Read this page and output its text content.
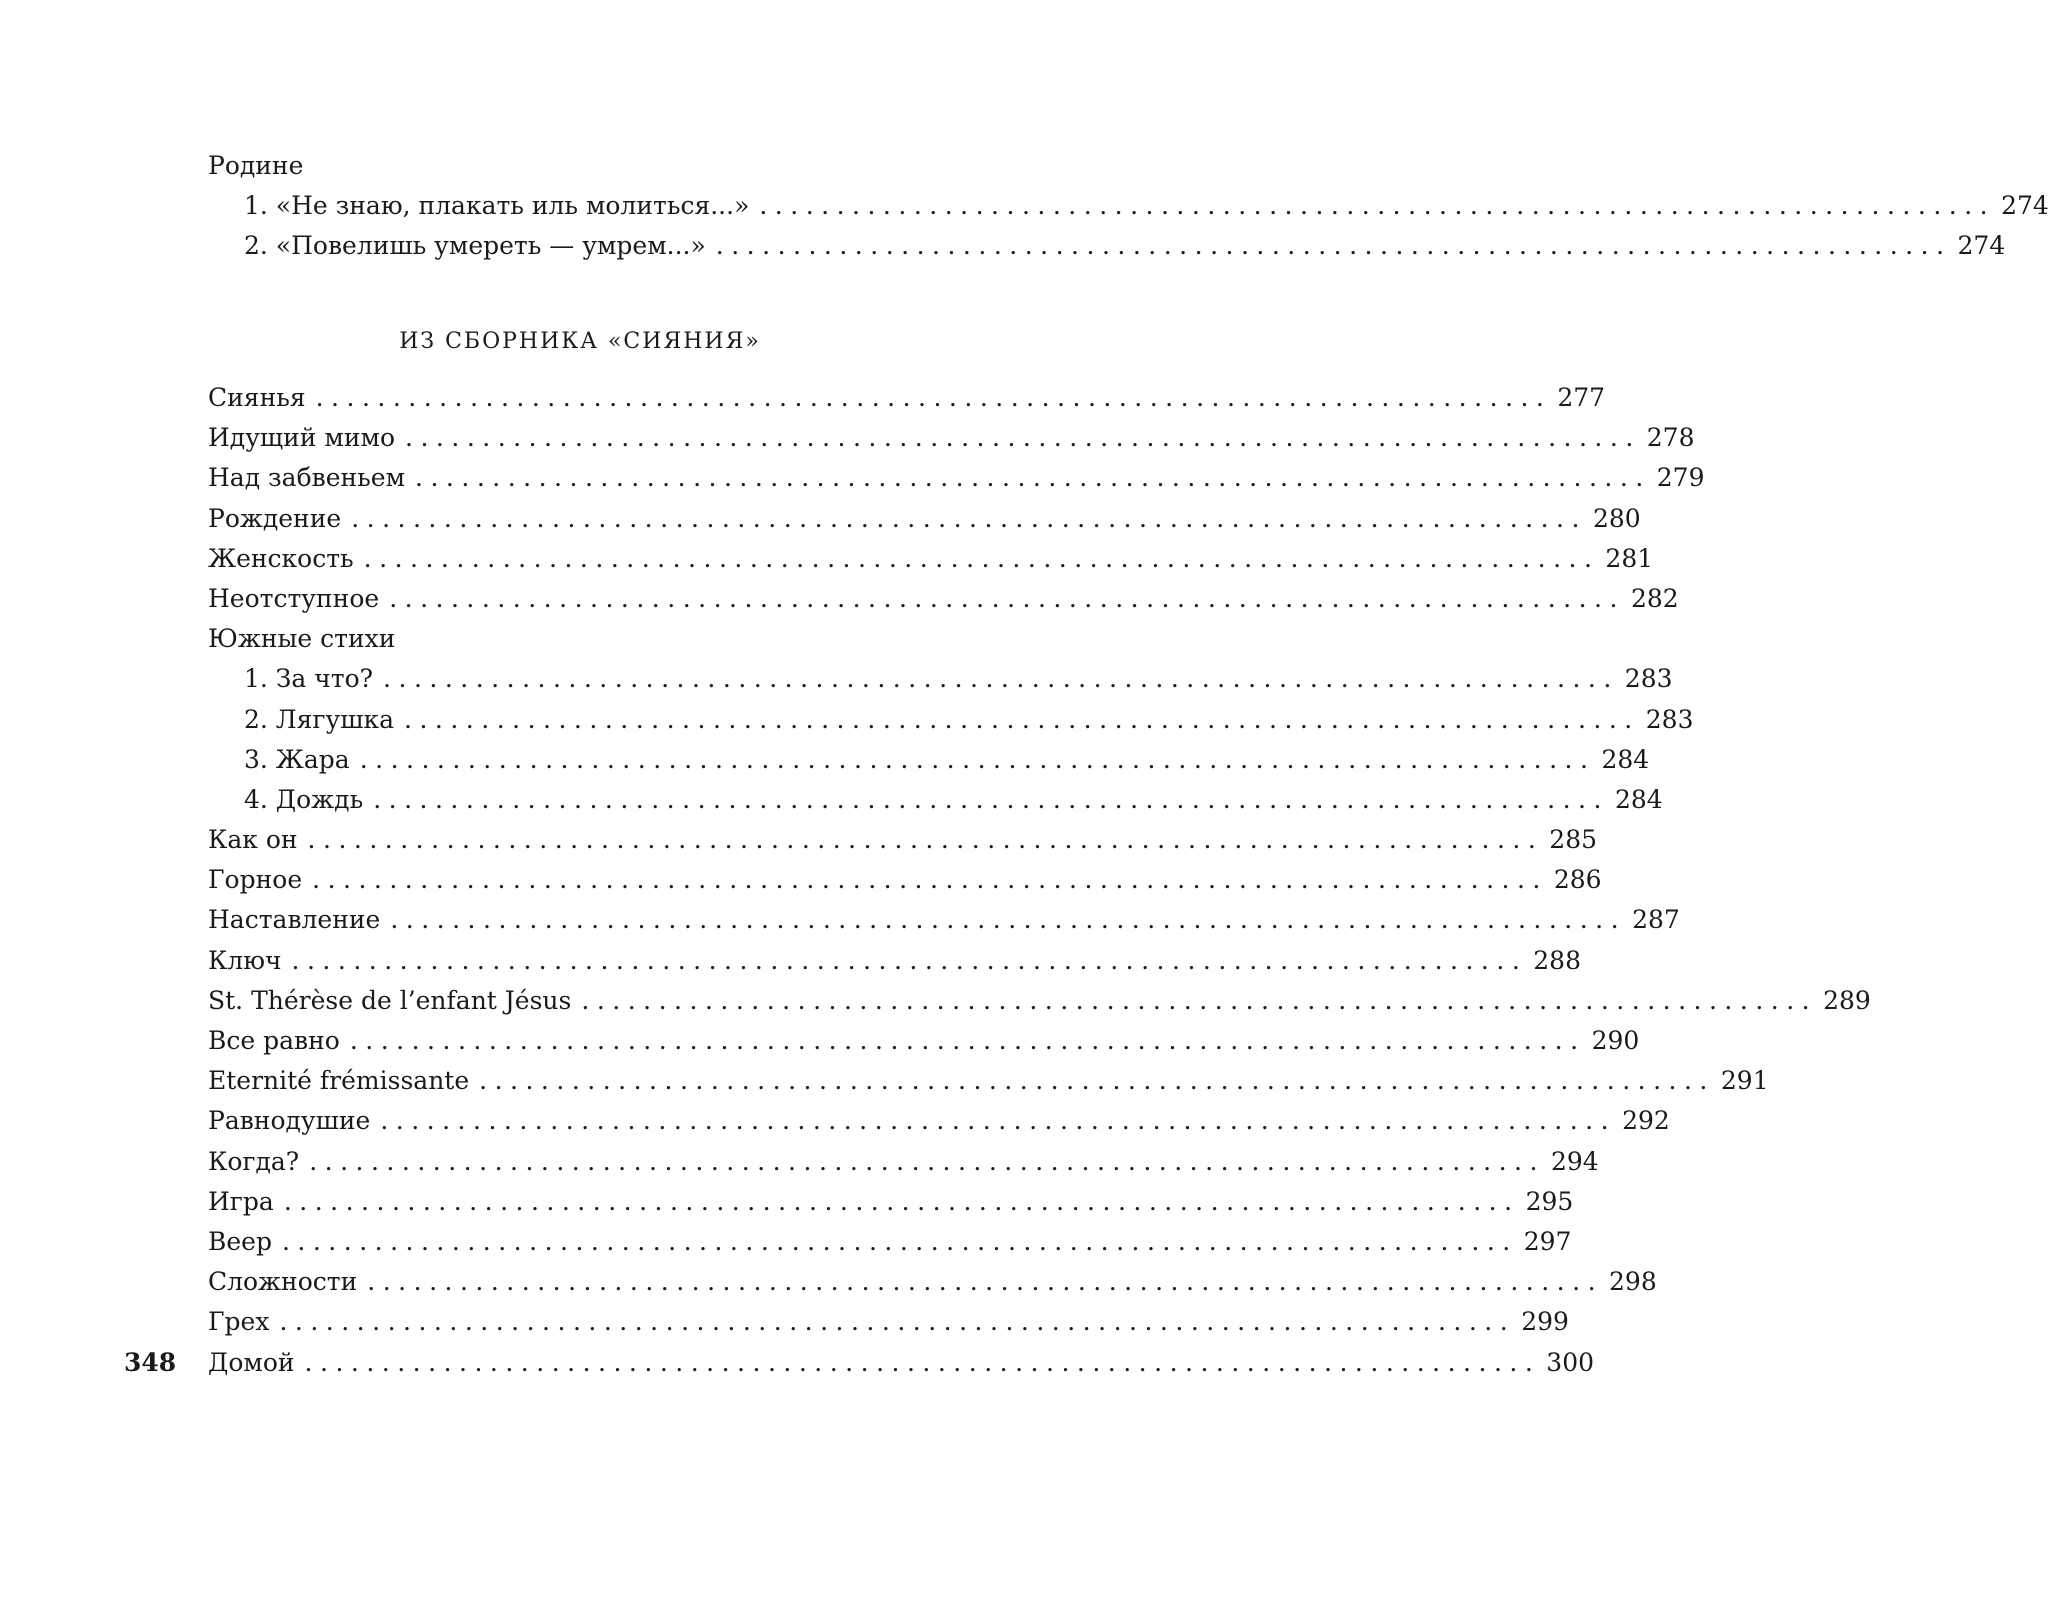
Родине
1. «Не знаю, плакать иль молиться...» ................................................................................ 274
2. «Повелишь умереть — умрем...» ................................................................................ 274
ИЗ СБОРНИКА «СИЯНИЯ»
Сиянья ................................................................................ 277
Идущий мимо ................................................................................ 278
Над забвеньем ................................................................................ 279
Рождение ................................................................................ 280
Женскость ................................................................................ 281
Неотступное ................................................................................ 282
Южные стихи
1. За что? ................................................................................ 283
2. Лягушка ................................................................................ 283
3. Жара ................................................................................ 284
4. Дождь ................................................................................ 284
Как он ................................................................................ 285
Горное ................................................................................ 286
Наставление ................................................................................ 287
Ключ ................................................................................ 288
St. Thérèse de l’enfant Jésus ................................................................................ 289
Все равно ................................................................................ 290
Eternité frémissante ................................................................................ 291
Равнодушие ................................................................................ 292
Когда? ................................................................................ 294
Игра ................................................................................ 295
Веер ................................................................................ 297
Сложности ................................................................................ 298
Грех ................................................................................ 299
Домой ................................................................................ 300
348
